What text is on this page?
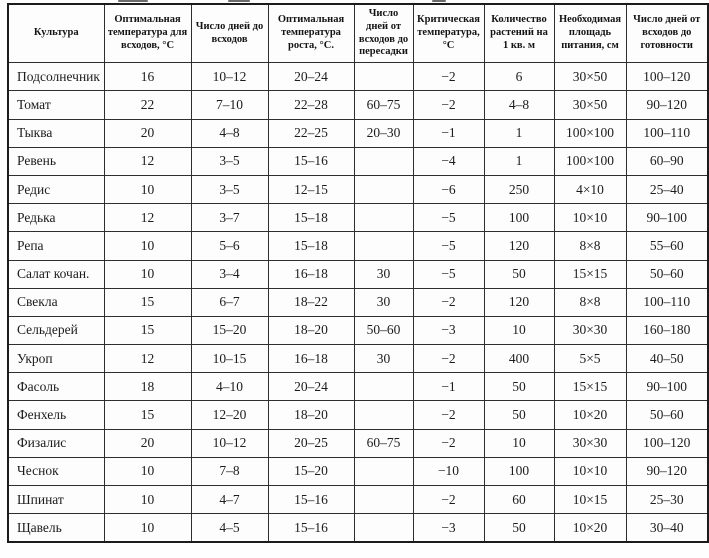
Культура	Оптимальная температура для всходов, °С	Число дней до всходов	Оптимальная температура роста, °С.	Число дней от всходов до пересадки	Критическая температура, °С	Количество растений на 1 кв. м	Необходимая площадь питания, см	Число дней от всходов до готовности
Подсолнечник	16	10–12	20–24		−2	6	30×50	100–120
Томат	22	7–10	22–28	60–75	−2	4–8	30×50	90–120
Тыква	20	4–8	22–25	20–30	−1	1	100×100	100–110
Ревень	12	3–5	15–16		−4	1	100×100	60–90
Редис	10	3–5	12–15		−6	250	4×10	25–40
Редька	12	3–7	15–18		−5	100	10×10	90–100
Репа	10	5–6	15–18		−5	120	8×8	55–60
Салат кочан.	10	3–4	16–18	30	−5	50	15×15	50–60
Свекла	15	6–7	18–22	30	−2	120	8×8	100–110
Сельдерей	15	15–20	18–20	50–60	−3	10	30×30	160–180
Укроп	12	10–15	16–18	30	−2	400	5×5	40–50
Фасоль	18	4–10	20–24		−1	50	15×15	90–100
Фенхель	15	12–20	18–20		−2	50	10×20	50–60
Физалис	20	10–12	20–25	60–75	−2	10	30×30	100–120
Чеснок	10	7–8	15–20		−10	100	10×10	90–120
Шпинат	10	4–7	15–16		−2	60	10×15	25–30
Щавель	10	4–5	15–16		−3	50	10×20	30–40
